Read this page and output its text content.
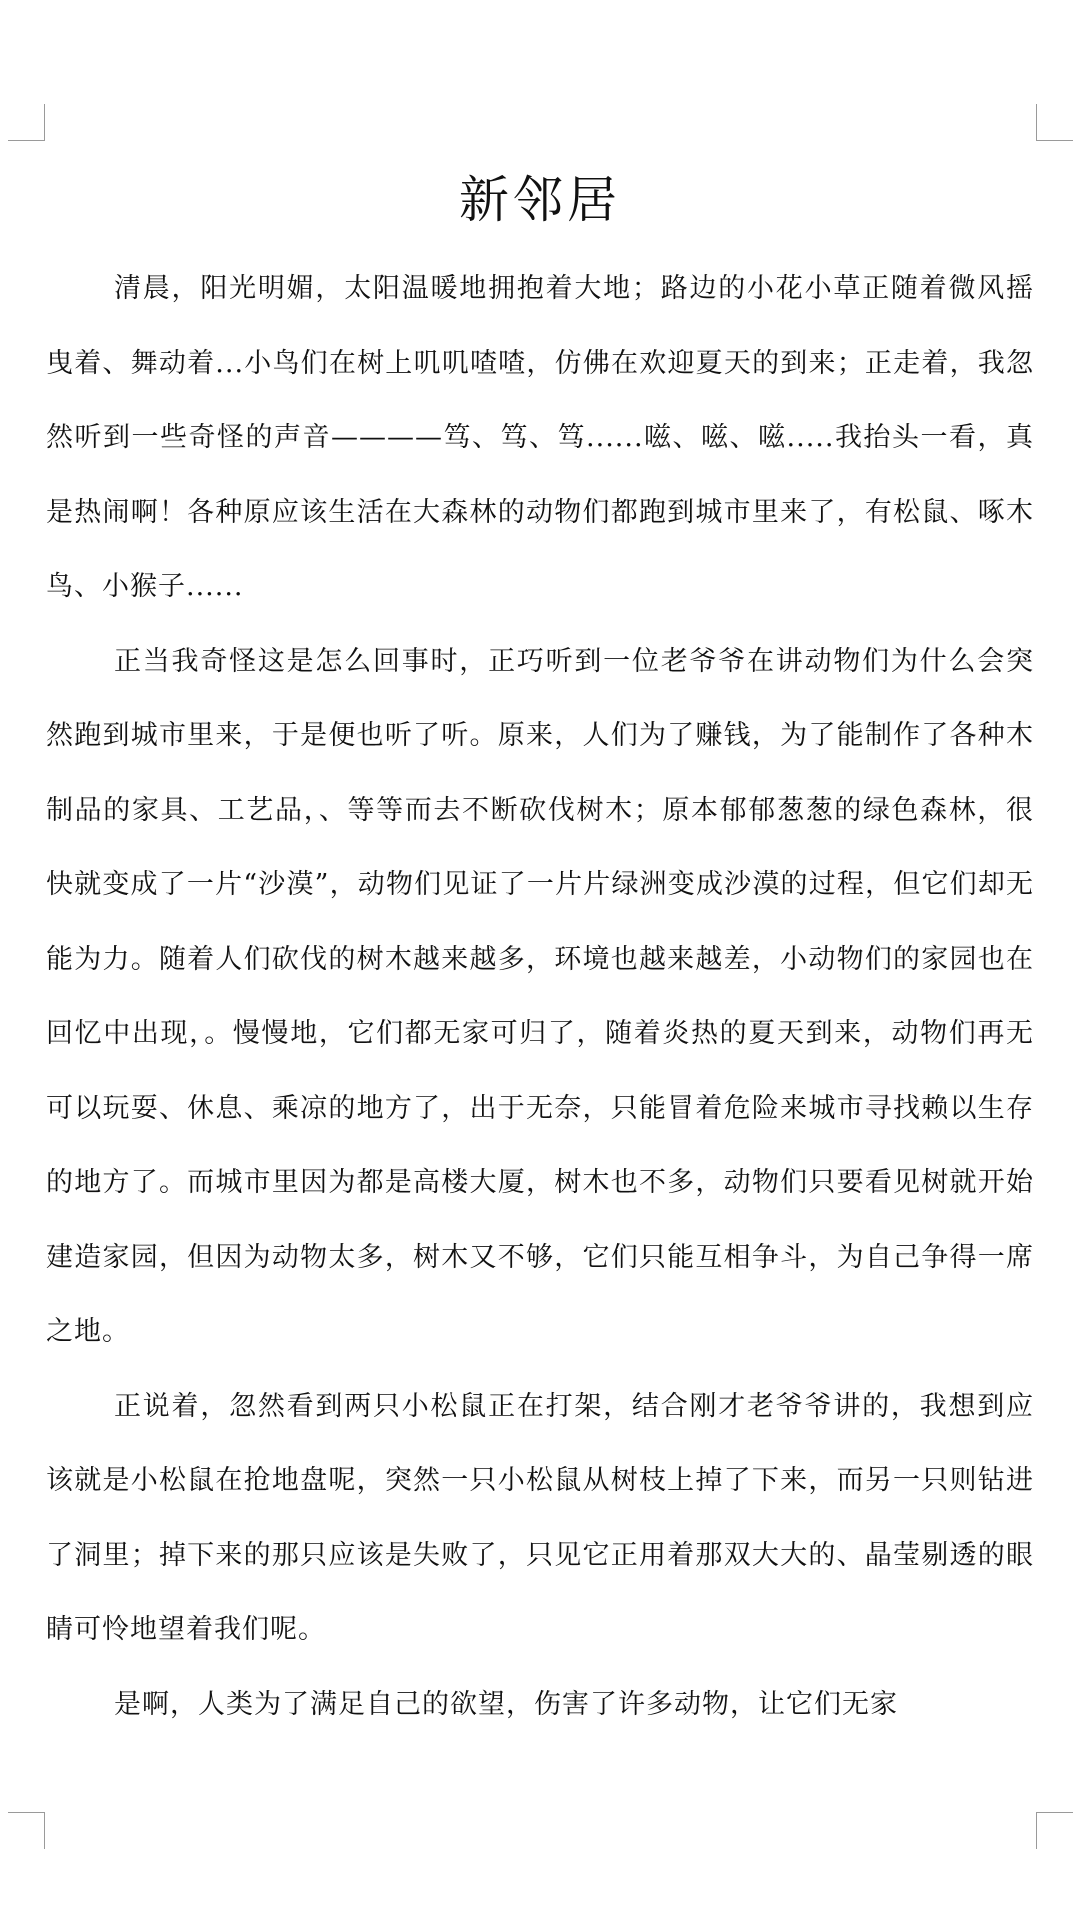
新邻居

清晨，阳光明媚，太阳温暖地拥抱着大地；路边的小花小草正随着微风摇曳着、舞动着...小鸟们在树上叽叽喳喳，仿佛在欢迎夏天的到来；正走着，我忽然听到一些奇怪的声音————笃、笃、笃......嗞、嗞、嗞.....我抬头一看，真是热闹啊！各种原应该生活在大森林的动物们都跑到城市里来了，有松鼠、啄木鸟、小猴子......

正当我奇怪这是怎么回事时，正巧听到一位老爷爷在讲动物们为什么会突然跑到城市里来，于是便也听了听。原来，人们为了赚钱，为了能制作了各种木制品的家具、工艺品，、等等而去不断砍伐树木；原本郁郁葱葱的绿色森林，很快就变成了一片“沙漠”，动物们见证了一片片绿洲变成沙漠的过程，但它们却无能为力。随着人们砍伐的树木越来越多，环境也越来越差，小动物们的家园也在回忆中出现，。慢慢地，它们都无家可归了，随着炎热的夏天到来，动物们再无可以玩耍、休息、乘凉的地方了，出于无奈，只能冒着危险来城市寻找赖以生存的地方了。而城市里因为都是高楼大厦，树木也不多，动物们只要看见树就开始建造家园，但因为动物太多，树木又不够，它们只能互相争斗，为自己争得一席之地。

正说着，忽然看到两只小松鼠正在打架，结合刚才老爷爷讲的，我想到应该就是小松鼠在抢地盘呢，突然一只小松鼠从树枝上掉了下来，而另一只则钻进了洞里；掉下来的那只应该是失败了，只见它正用着那双大大的、晶莹剔透的眼睛可怜地望着我们呢。

是啊，人类为了满足自己的欲望，伤害了许多动物，让它们无家
